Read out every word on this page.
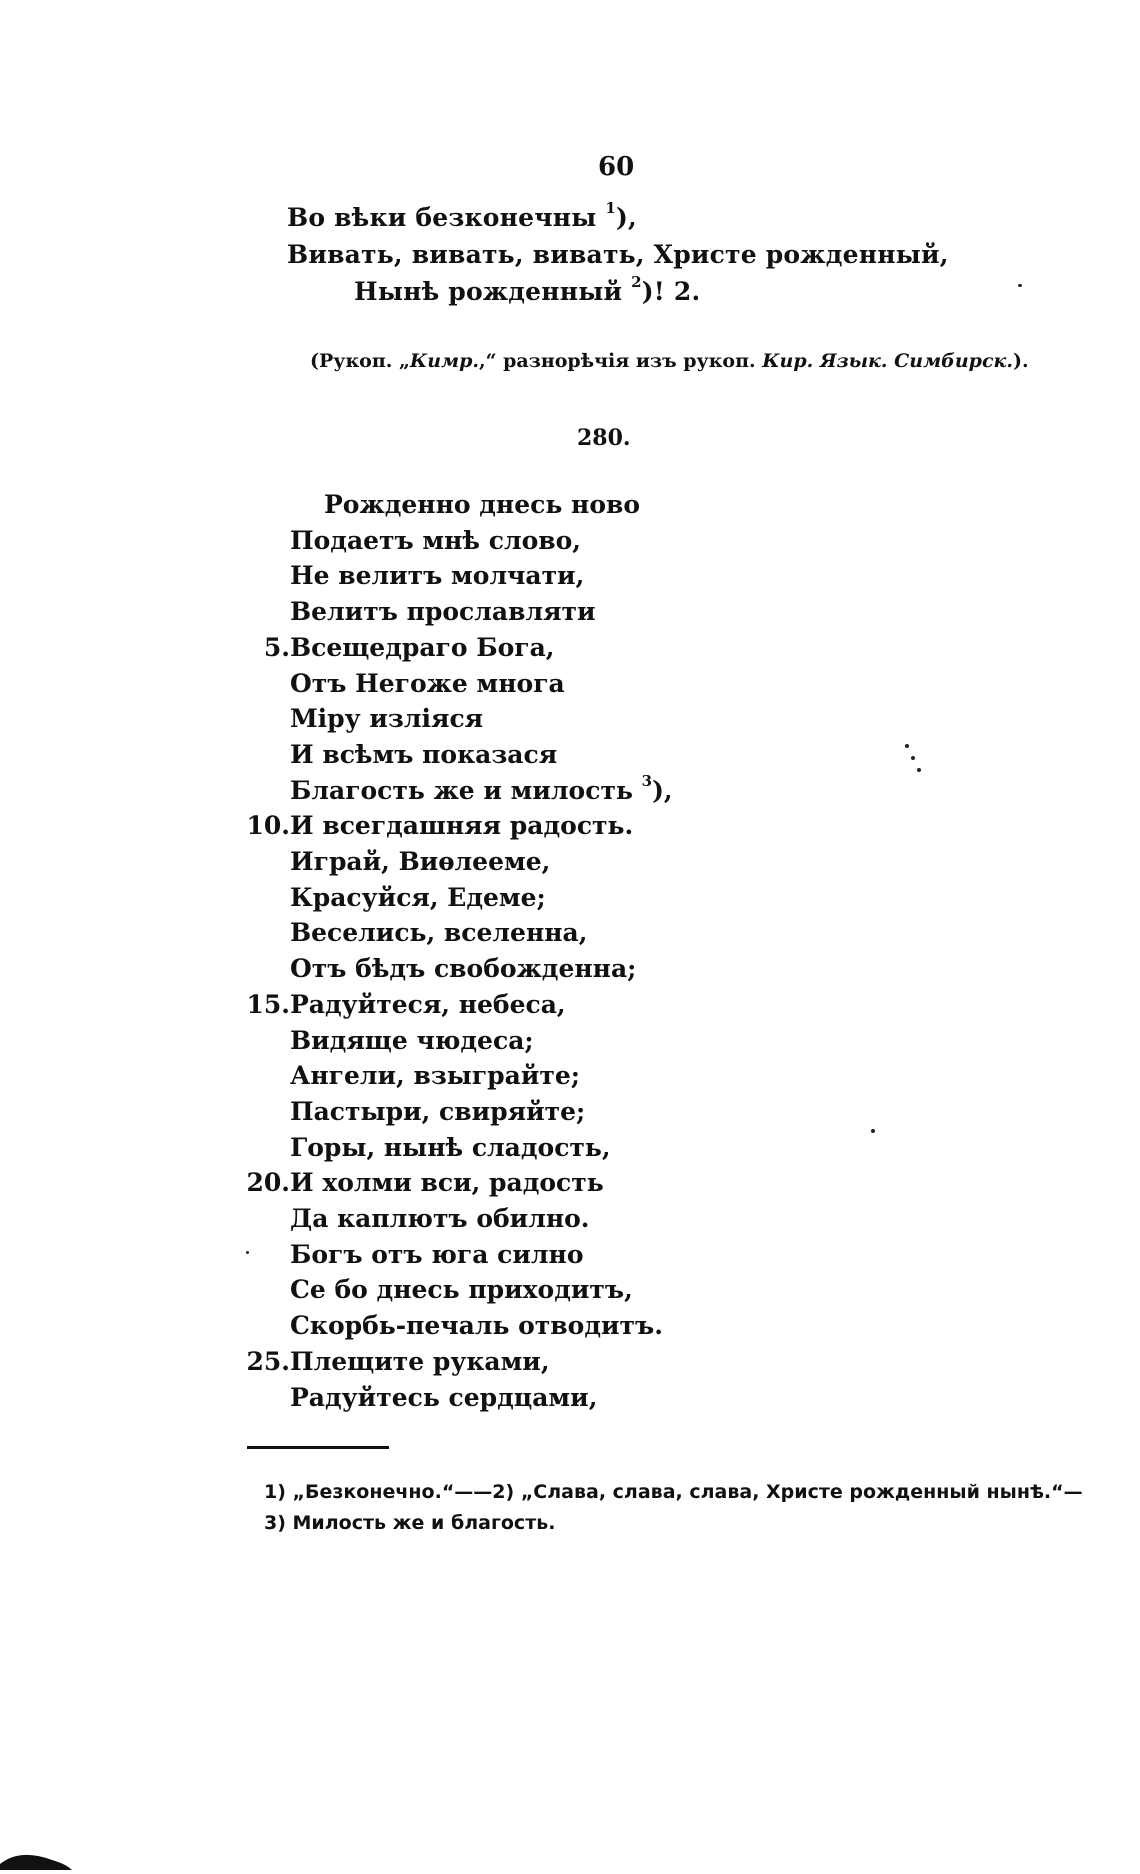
60
Во вѣки безконечны $^1$),
Вивать, вивать, вивать, Христе рожденный,
Нынѣ рожденный $^2$)! 2.
(Рукоп. „Кимр.,“ разнорѣчія изъ рукоп. Кир. Язык. Симбирск.).
280.
Рожденно днесь ново
Подаетъ мнѣ слово,
Не велитъ молчати,
Велитъ прославляти
5. Всещедраго Бога,
Отъ Негоже многа
Міру изліяся
И всѣмъ показася
Благость же и милость $^3$),
10. И всегдашняя радость.
Играй, Виѳлееме,
Красуйся, Едеме;
Веселись, вселенна,
Отъ бѣдъ свобожденна;
15. Радуйтеся, небеса,
Видяще чюдеса;
Ангели, взыграйте;
Пастыри, свиряйте;
Горы, нынѣ сладость,
20. И холми вси, радость
Да каплютъ обилно.
Богъ отъ юга силно
Се бо днесь приходитъ,
Скорбь-печаль отводитъ.
25. Плещите руками,
Радуйтесь сердцами,
1) „Безконечно.“——2) „Слава, слава, слава, Христе рожденный нынѣ.“—
3) Милость же и благость.
